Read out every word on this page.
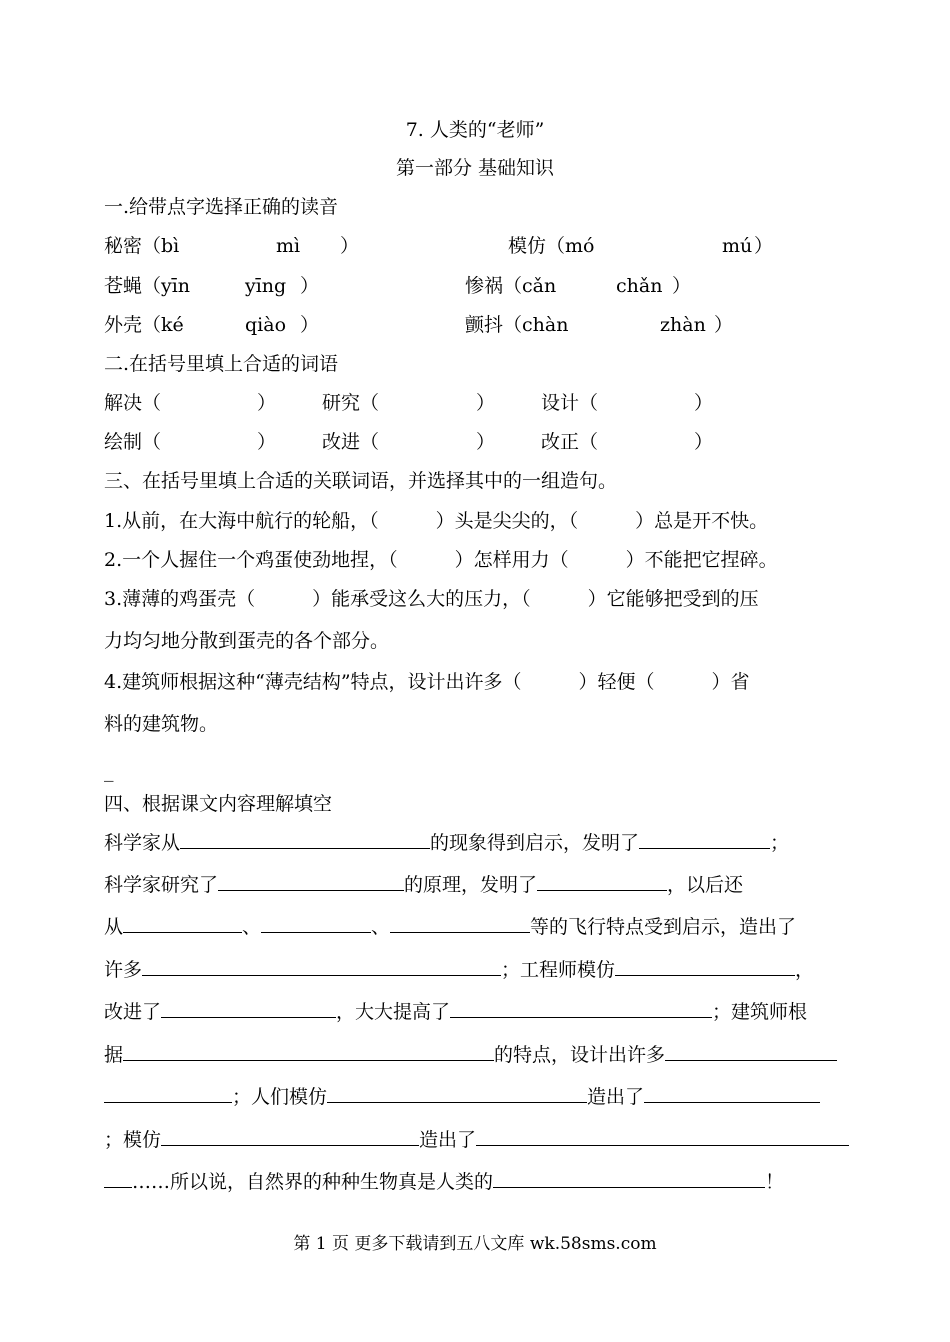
7. 人类的“老师”
第一部分 基础知识
一.给带点字选择正确的读音
秘密（bì	mì ）	模仿（mó	mú ）
苍蝇（yīn	yīng ）	惨祸（cǎn	chǎn ）
外壳（ké	qiào ）	颤抖（chàn	zhàn ）
二.在括号里填上合适的词语
解决（	） 研究（	） 设计（	）
绘制（	） 改进（	） 改正（	）
三、在括号里填上合适的关联词语，并选择其中的一组造句。
1.从前，在大海中航行的轮船，（　　　）头是尖尖的，（　　　）总是开不快。
2.一个人握住一个鸡蛋使劲地捏，（　　　）怎样用力（　　　）不能把它捏碎。
3.薄薄的鸡蛋壳（　　　）能承受这么大的压力，（　　　）它能够把受到的压
力均匀地分散到蛋壳的各个部分。
4.建筑师根据这种“薄壳结构”特点，设计出许多（　　　）轻便（　　　）省
料的建筑物。
_
四、根据课文内容理解填空
科学家从	的现象得到启示，发明了	；
科学家研究了	的原理，发明了	，以后还
从	、	、	等的飞行特点受到启示，造出了
许多	；工程师模仿	，
改进了	，大大提高了	；建筑师根
据	的特点，设计出许多
；人们模仿	造出了
；模仿	造出了
……所以说，自然界的种种生物真是人类的	！
第 1 页 更多下载请到五八文库 wk.58sms.com
